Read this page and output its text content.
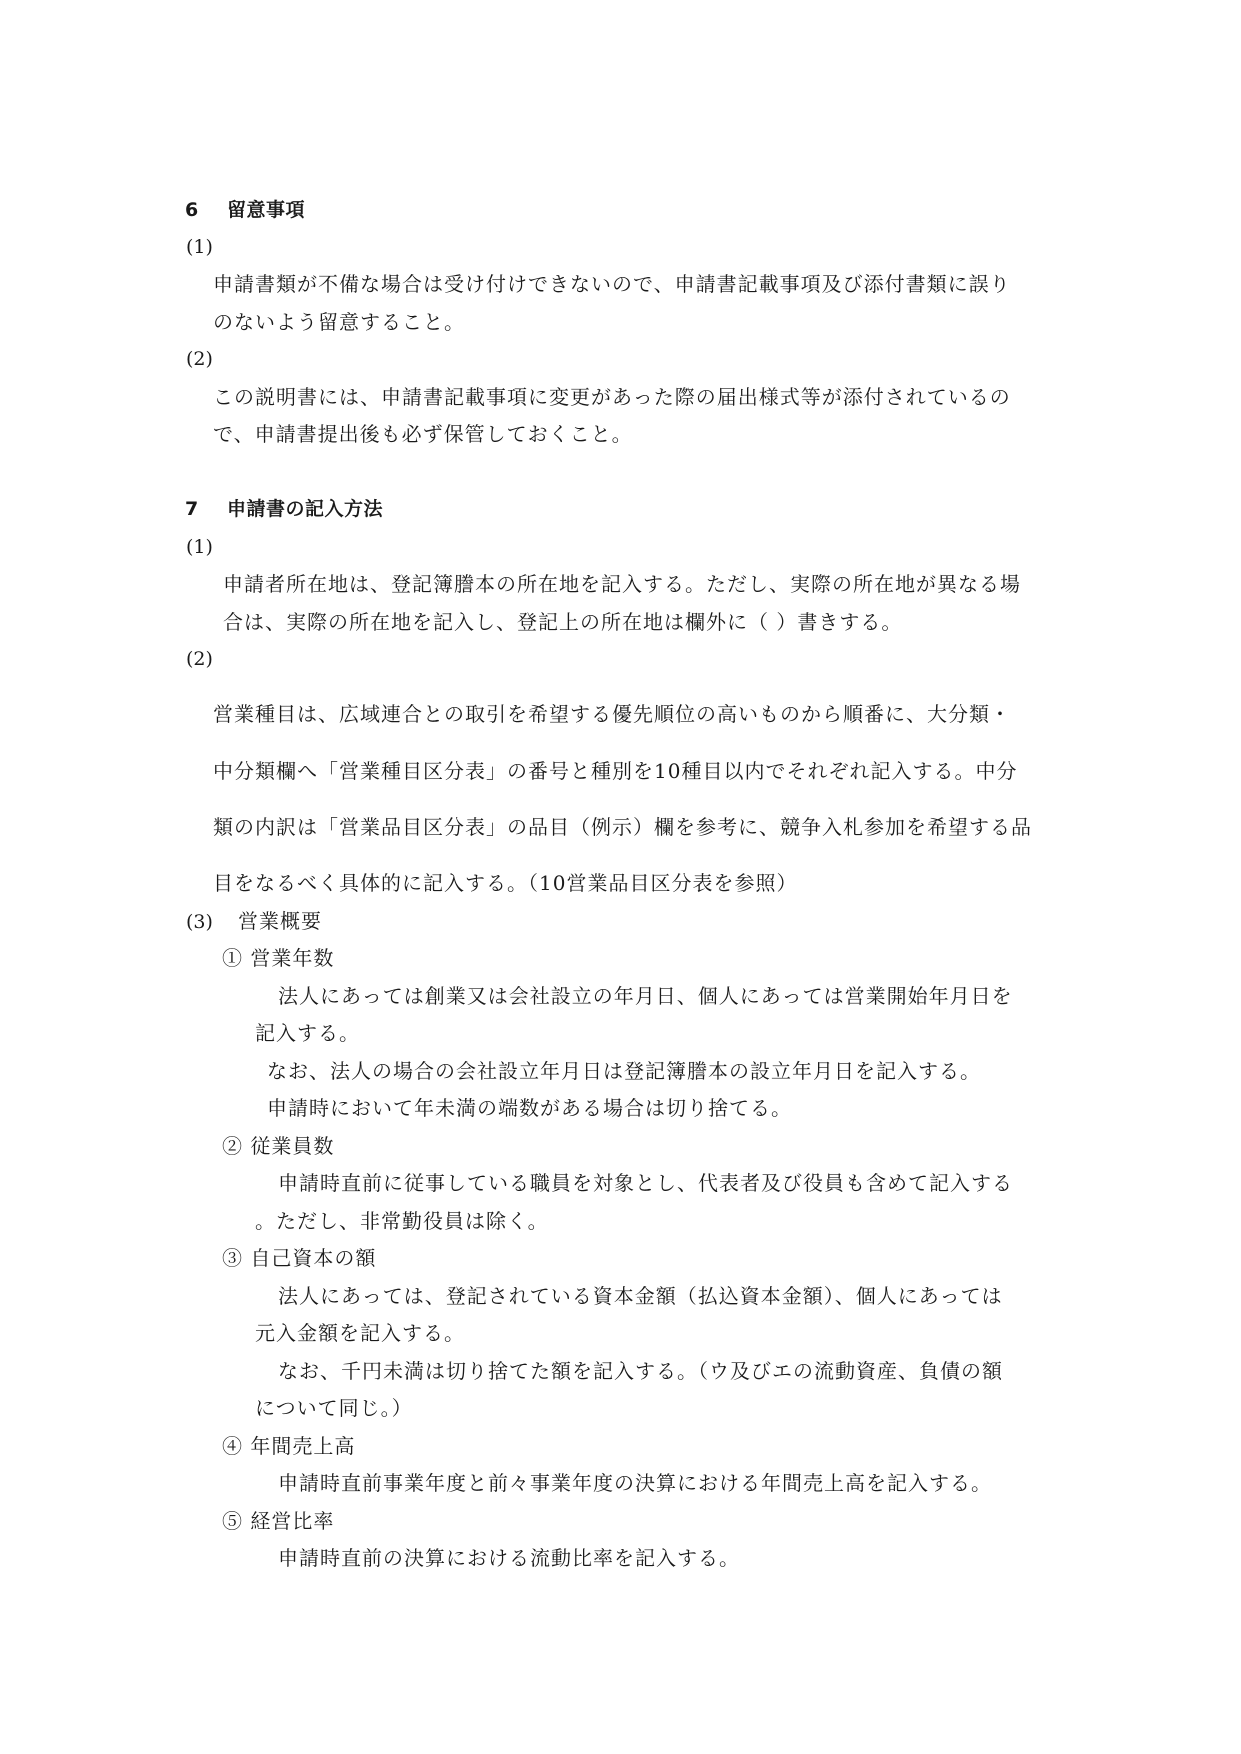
6 留意事項
(1)
申請書類が不備な場合は受け付けできないので、申請書記載事項及び添付書類に誤り
のないよう留意すること。
(2)
この説明書には、申請書記載事項に変更があった際の届出様式等が添付されているの
で、申請書提出後も必ず保管しておくこと。
7 申請書の記入方法
(1)
申請者所在地は、登記簿謄本の所在地を記入する。ただし、実際の所在地が異なる場
合は、実際の所在地を記入し、登記上の所在地は欄外に（ ）書きする。
(2)
営業種目は、広域連合との取引を希望する優先順位の高いものから順番に、大分類・
中分類欄へ「営業種目区分表」の番号と種別を10種目以内でそれぞれ記入する。中分
類の内訳は「営業品目区分表」の品目（例示）欄を参考に、競争入札参加を希望する品
目をなるべく具体的に記入する。（10営業品目区分表を参照）
(3) 営業概要
① 営業年数
法人にあっては創業又は会社設立の年月日、個人にあっては営業開始年月日を
記入する。
なお、法人の場合の会社設立年月日は登記簿謄本の設立年月日を記入する。
申請時において年未満の端数がある場合は切り捨てる。
② 従業員数
申請時直前に従事している職員を対象とし、代表者及び役員も含めて記入する
。ただし、非常勤役員は除く。
③ 自己資本の額
法人にあっては、登記されている資本金額（払込資本金額）、個人にあっては
元入金額を記入する。
なお、千円未満は切り捨てた額を記入する。（ウ及びエの流動資産、負債の額
について同じ。）
④ 年間売上高
申請時直前事業年度と前々事業年度の決算における年間売上高を記入する。
⑤ 経営比率
申請時直前の決算における流動比率を記入する。
